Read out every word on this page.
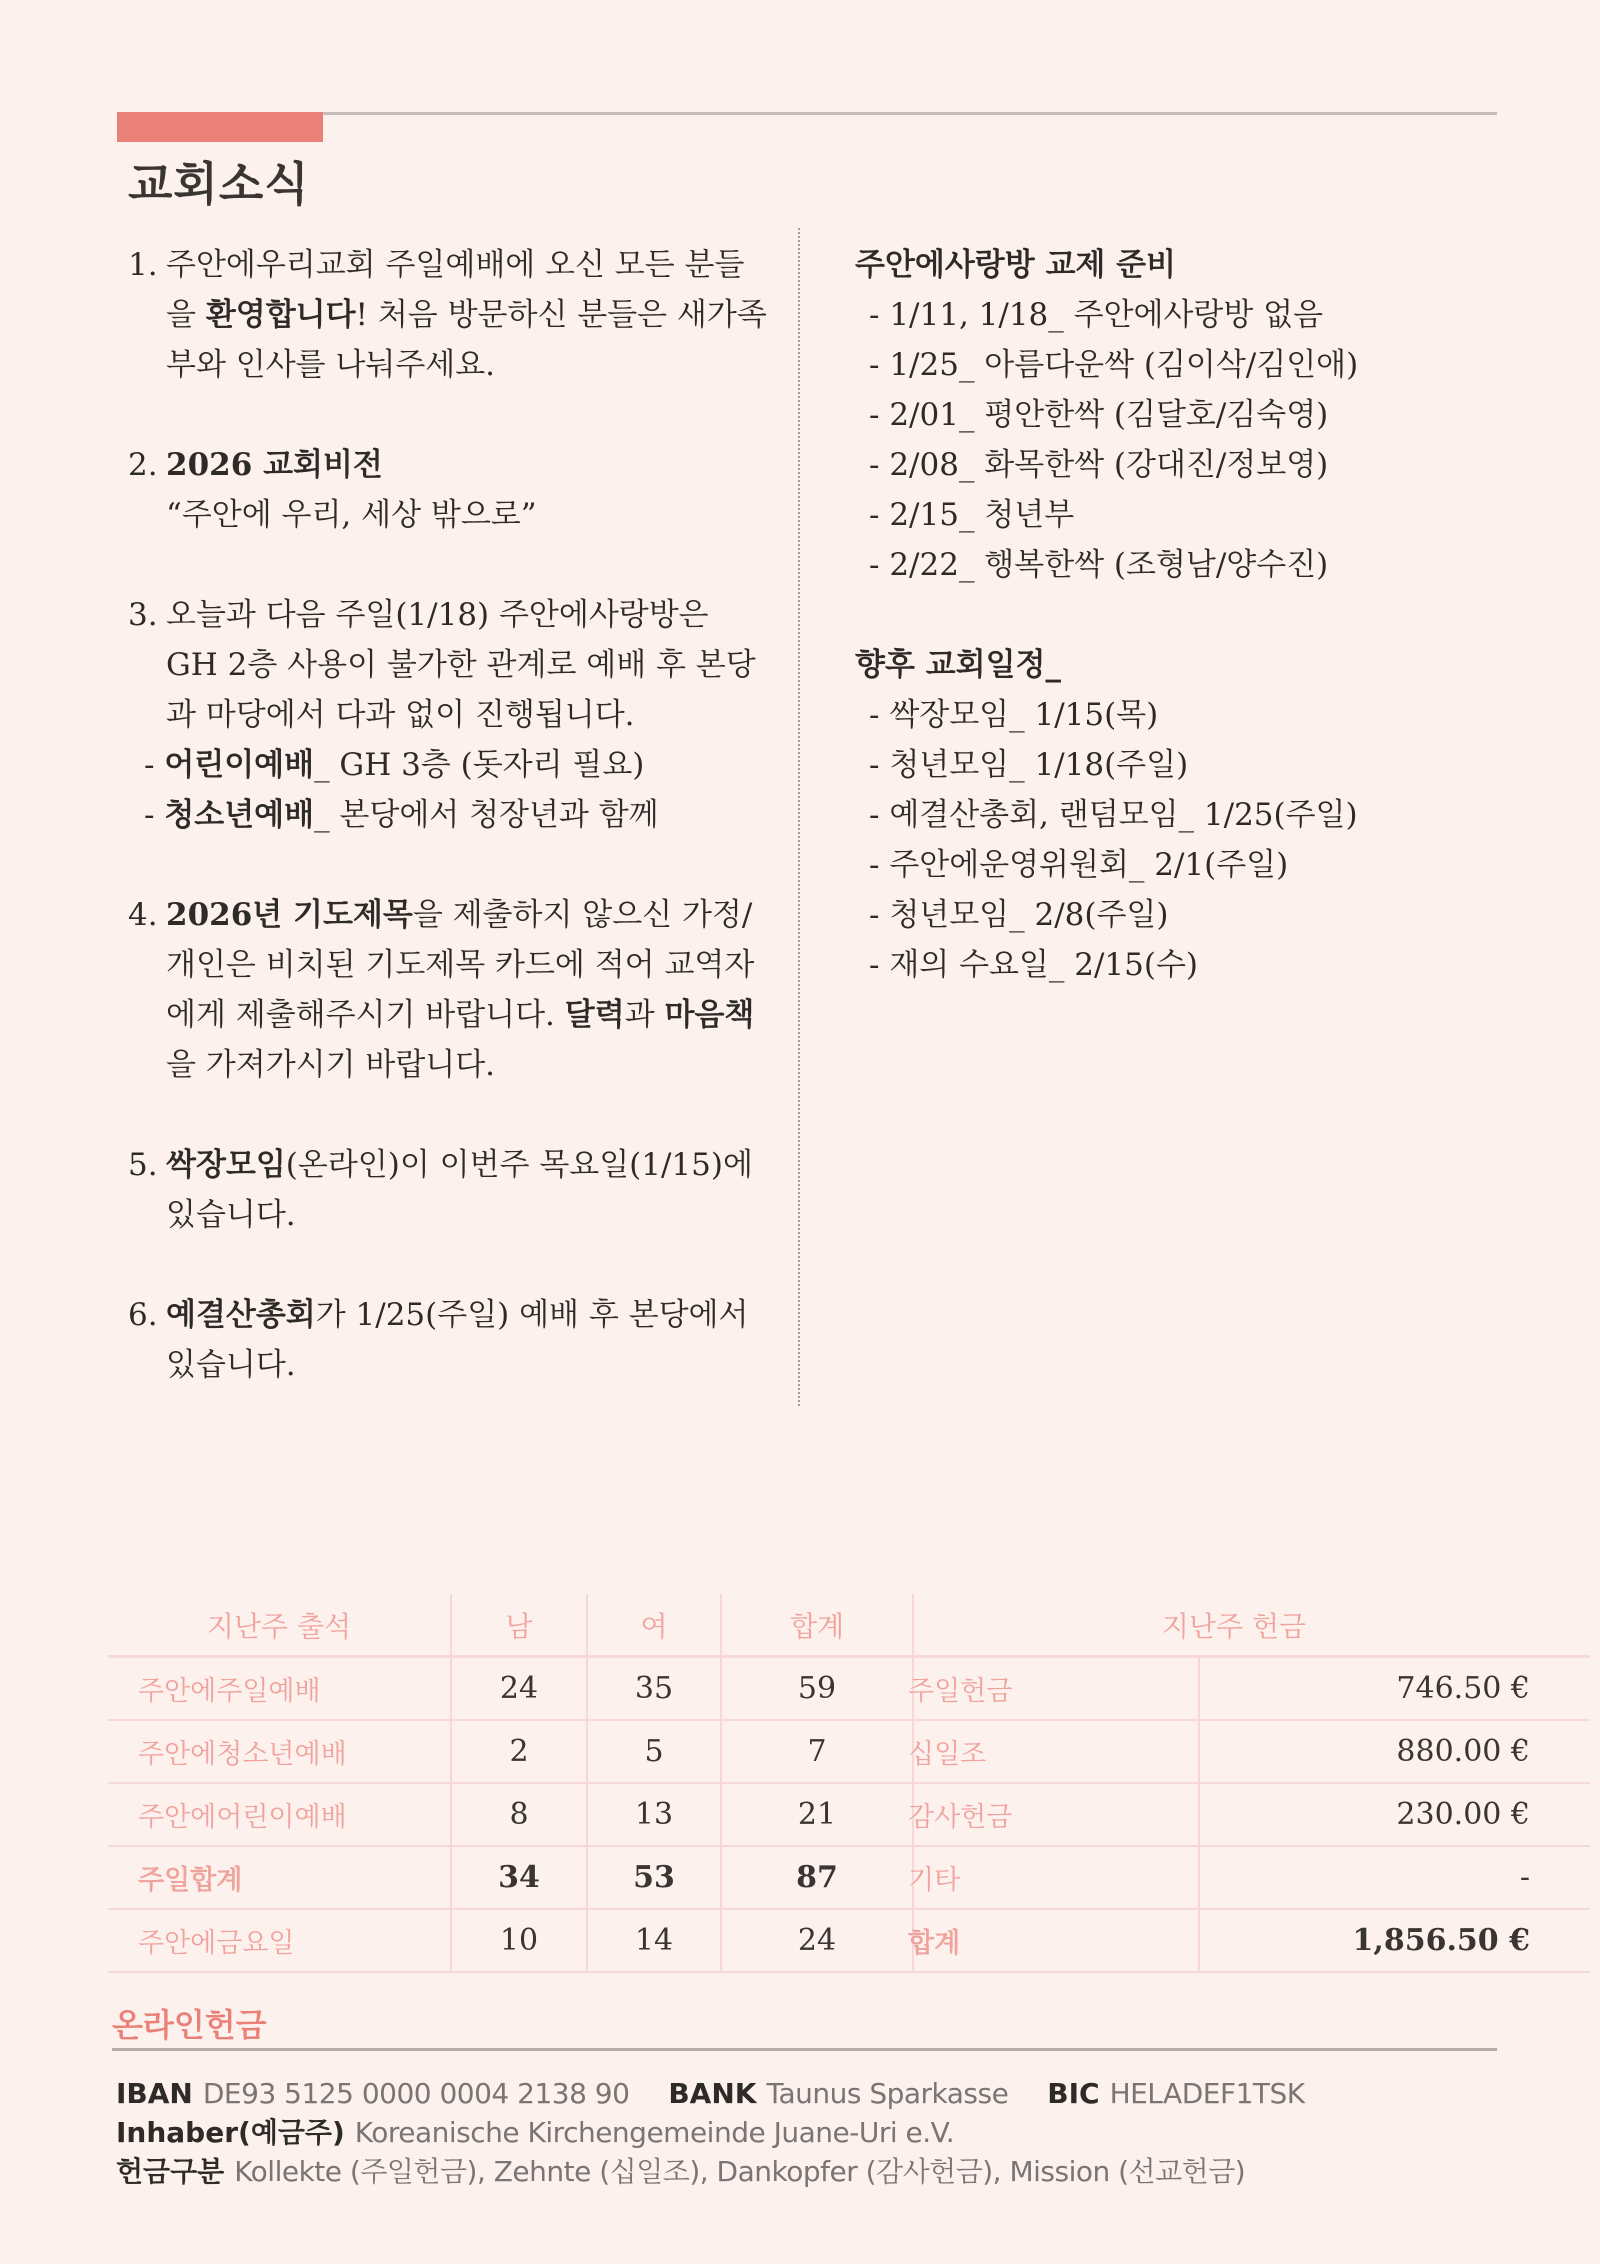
교회소식
1. 주안에우리교회 주일예배에 오신 모든 분들을 환영합니다! 처음 방문하신 분들은 새가족부와 인사를 나눠주세요.
2. 2026 교회비전
“주안에 우리, 세상 밖으로”
3. 오늘과 다음 주일(1/18) 주안에사랑방은 GH 2층 사용이 불가한 관계로 예배 후 본당과 마당에서 다과 없이 진행됩니다.
- 어린이예배_ GH 3층 (돗자리 필요)
- 청소년예배_ 본당에서 청장년과 함께
4. 2026년 기도제목을 제출하지 않으신 가정/개인은 비치된 기도제목 카드에 적어 교역자에게 제출해주시기 바랍니다. 달력과 마음책을 가져가시기 바랍니다.
5. 싹장모임(온라인)이 이번주 목요일(1/15)에 있습니다.
6. 예결산총회가 1/25(주일) 예배 후 본당에서 있습니다.
주안에사랑방 교제 준비
- 1/11, 1/18_ 주안에사랑방 없음
- 1/25_ 아름다운싹 (김이삭/김인애)
- 2/01_ 평안한싹 (김달호/김숙영)
- 2/08_ 화목한싹 (강대진/정보영)
- 2/15_ 청년부
- 2/22_ 행복한싹 (조형남/양수진)
향후 교회일정_
- 싹장모임_ 1/15(목)
- 청년모임_ 1/18(주일)
- 예결산총회, 랜덤모임_ 1/25(주일)
- 주안에운영위원회_ 2/1(주일)
- 청년모임_ 2/8(주일)
- 재의 수요일_ 2/15(수)
지난주 출석	남	여	합계
주안에주일예배	24	35	59
주안에청소년예배	2	5	7
주안에어린이예배	8	13	21
주일합계	34	53	87
주안에금요일	10	14	24
지난주 헌금	
주일헌금	746.50 €
십일조	880.00 €
감사헌금	230.00 €
기타	-
합계	1,856.50 €
온라인헌금
IBAN DE93 5125 0000 0004 2138 90 BANK Taunus Sparkasse BIC HELADEF1TSK
Inhaber(예금주) Koreanische Kirchengemeinde Juane-Uri e.V.
헌금구분 Kollekte (주일헌금), Zehnte (십일조), Dankopfer (감사헌금), Mission (선교헌금)
